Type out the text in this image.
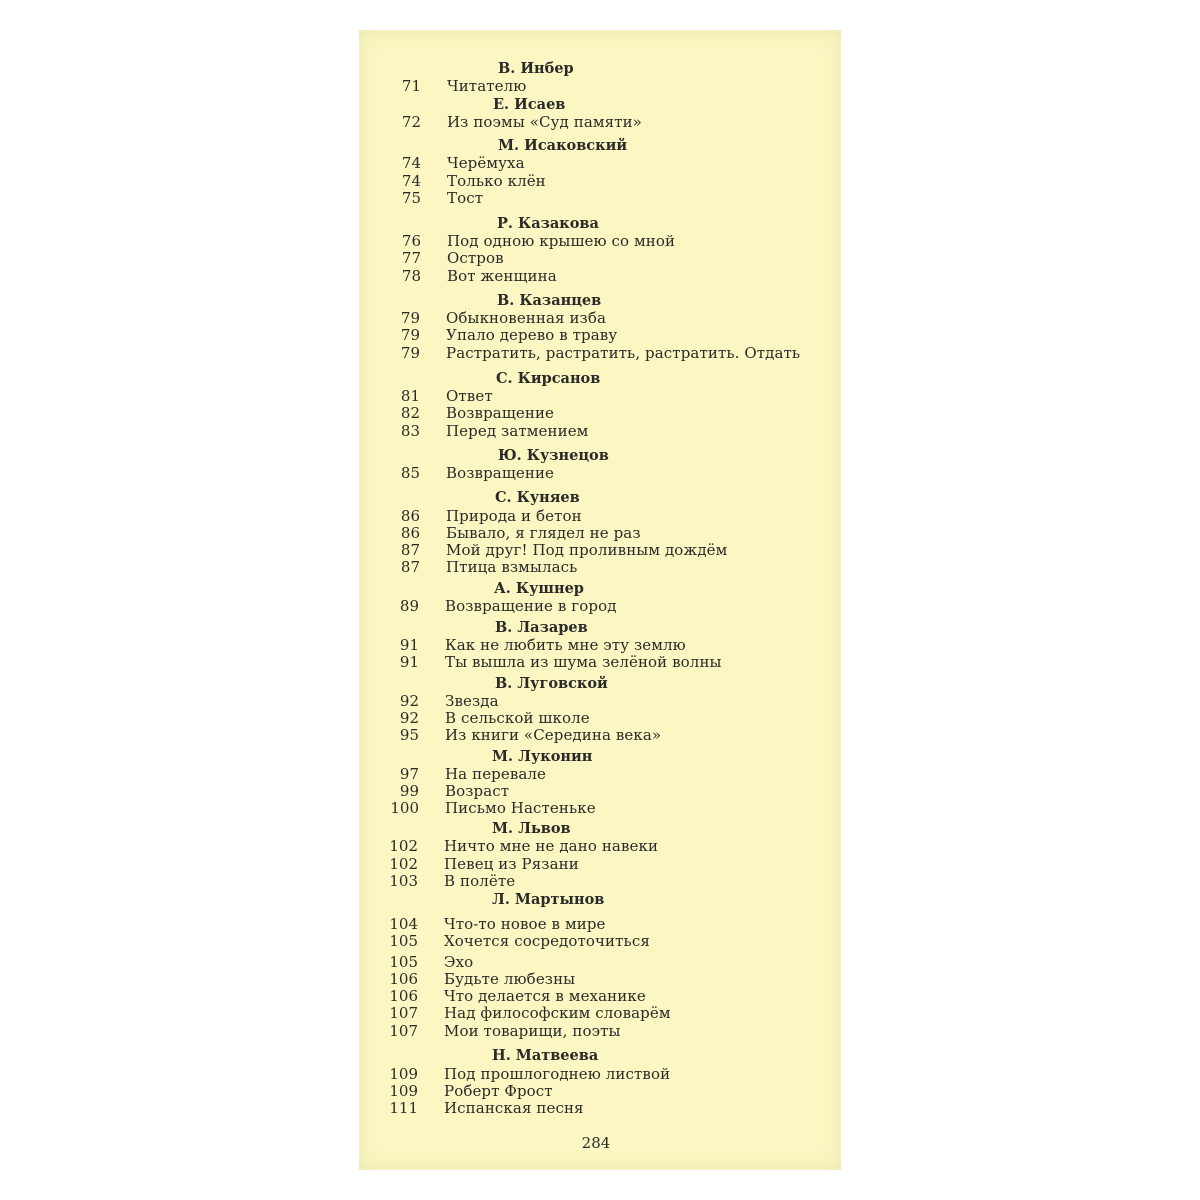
В. Инбер
71 Читателю
Е. Исаев
72 Из поэмы «Суд памяти»
М. Исаковский
74 Черёмуха
74 Только клён
75 Тост
Р. Казакова
76 Под одною крышею со мной
77 Остров
78 Вот женщина
В. Казанцев
79 Обыкновенная изба
79 Упало дерево в траву
79 Растратить, растратить, растратить. Отдать
С. Кирсанов
81 Ответ
82 Возвращение
83 Перед затмением
Ю. Кузнецов
85 Возвращение
С. Куняев
86 Природа и бетон
86 Бывало, я глядел не раз
87 Мой друг! Под проливным дождём
87 Птица взмылась
А. Кушнер
89 Возвращение в город
В. Лазарев
91 Как не любить мне эту землю
91 Ты вышла из шума зелёной волны
В. Луговской
92 Звезда
92 В сельской школе
95 Из книги «Середина века»
М. Луконин
97 На перевале
99 Возраст
100 Письмо Настеньке
М. Львов
102 Ничто мне не дано навеки
102 Певец из Рязани
103 В полёте
Л. Мартынов
104 Что-то новое в мире
105 Хочется сосредоточиться
105 Эхо
106 Будьте любезны
106 Что делается в механике
107 Над философским словарём
107 Мои товарищи, поэты
Н. Матвеева
109 Под прошлогоднею листвой
109 Роберт Фрост
111 Испанская песня
284
